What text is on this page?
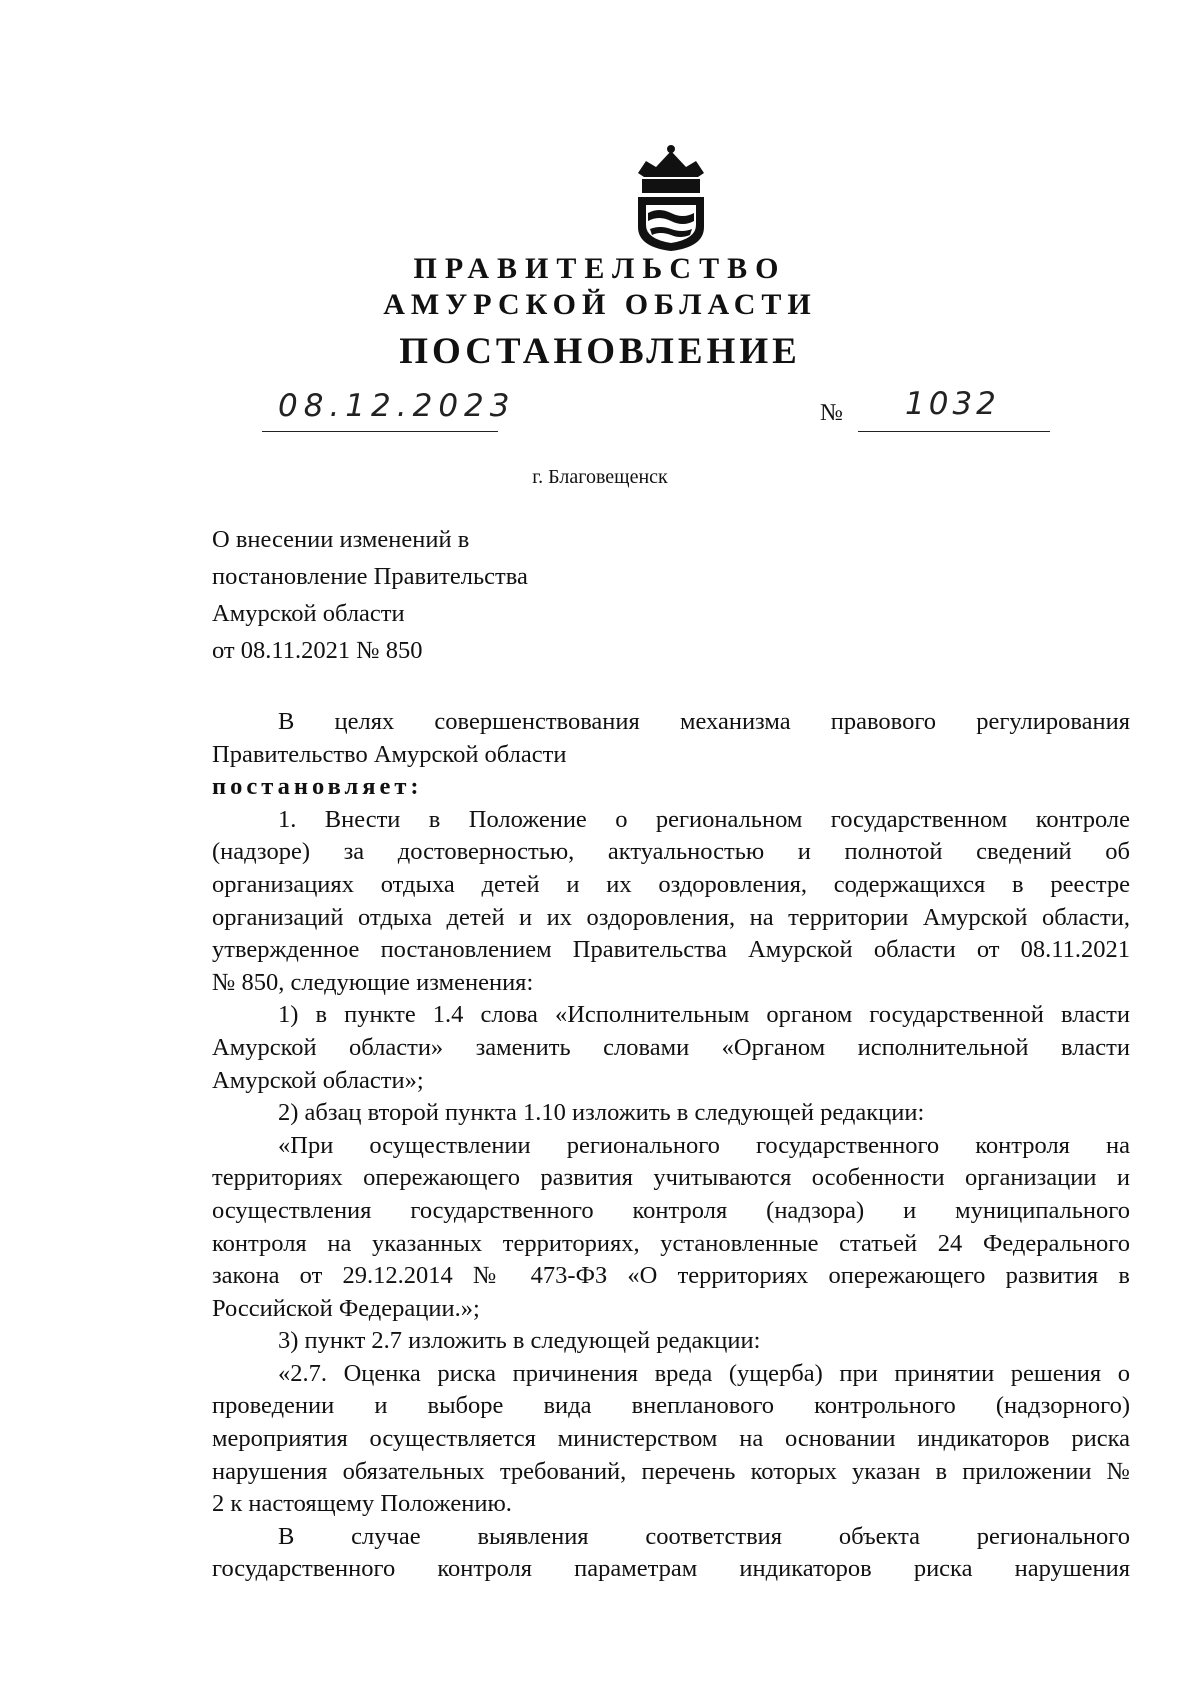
ПРАВИТЕЛЬСТВО
АМУРСКОЙ ОБЛАСТИ
ПОСТАНОВЛЕНИЕ
08.12.2023	№ 1032
г. Благовещенск
О внесении изменений в
постановление Правительства
Амурской области
от 08.11.2021 № 850

В целях совершенствования механизма правового регулирования

Правительство Амурской области

постановляет:

1. Внести в Положение о региональном государственном контроле

(надзоре) за достоверностью, актуальностью и полнотой сведений об

организациях отдыха детей и их оздоровления, содержащихся в реестре

организаций отдыха детей и их оздоровления, на территории Амурской области,

утвержденное постановлением Правительства Амурской области от 08.11.2021

№ 850, следующие изменения:

1) в пункте 1.4 слова «Исполнительным органом государственной власти

Амурской области» заменить словами «Органом исполнительной власти

Амурской области»;

2) абзац второй пункта 1.10 изложить в следующей редакции:

«При осуществлении регионального государственного контроля на

территориях опережающего развития учитываются особенности организации и

осуществления государственного контроля (надзора) и муниципального

контроля на указанных территориях, установленные статьей 24 Федерального

закона от 29.12.2014 № 473-ФЗ «О территориях опережающего развития в

Российской Федерации.»;

3) пункт 2.7 изложить в следующей редакции:

«2.7. Оценка риска причинения вреда (ущерба) при принятии решения о

проведении и выборе вида внепланового контрольного (надзорного)

мероприятия осуществляется министерством на основании индикаторов риска

нарушения обязательных требований, перечень которых указан в приложении №

2 к настоящему Положению.

В случае выявления соответствия объекта регионального

государственного контроля параметрам индикаторов риска нарушения
